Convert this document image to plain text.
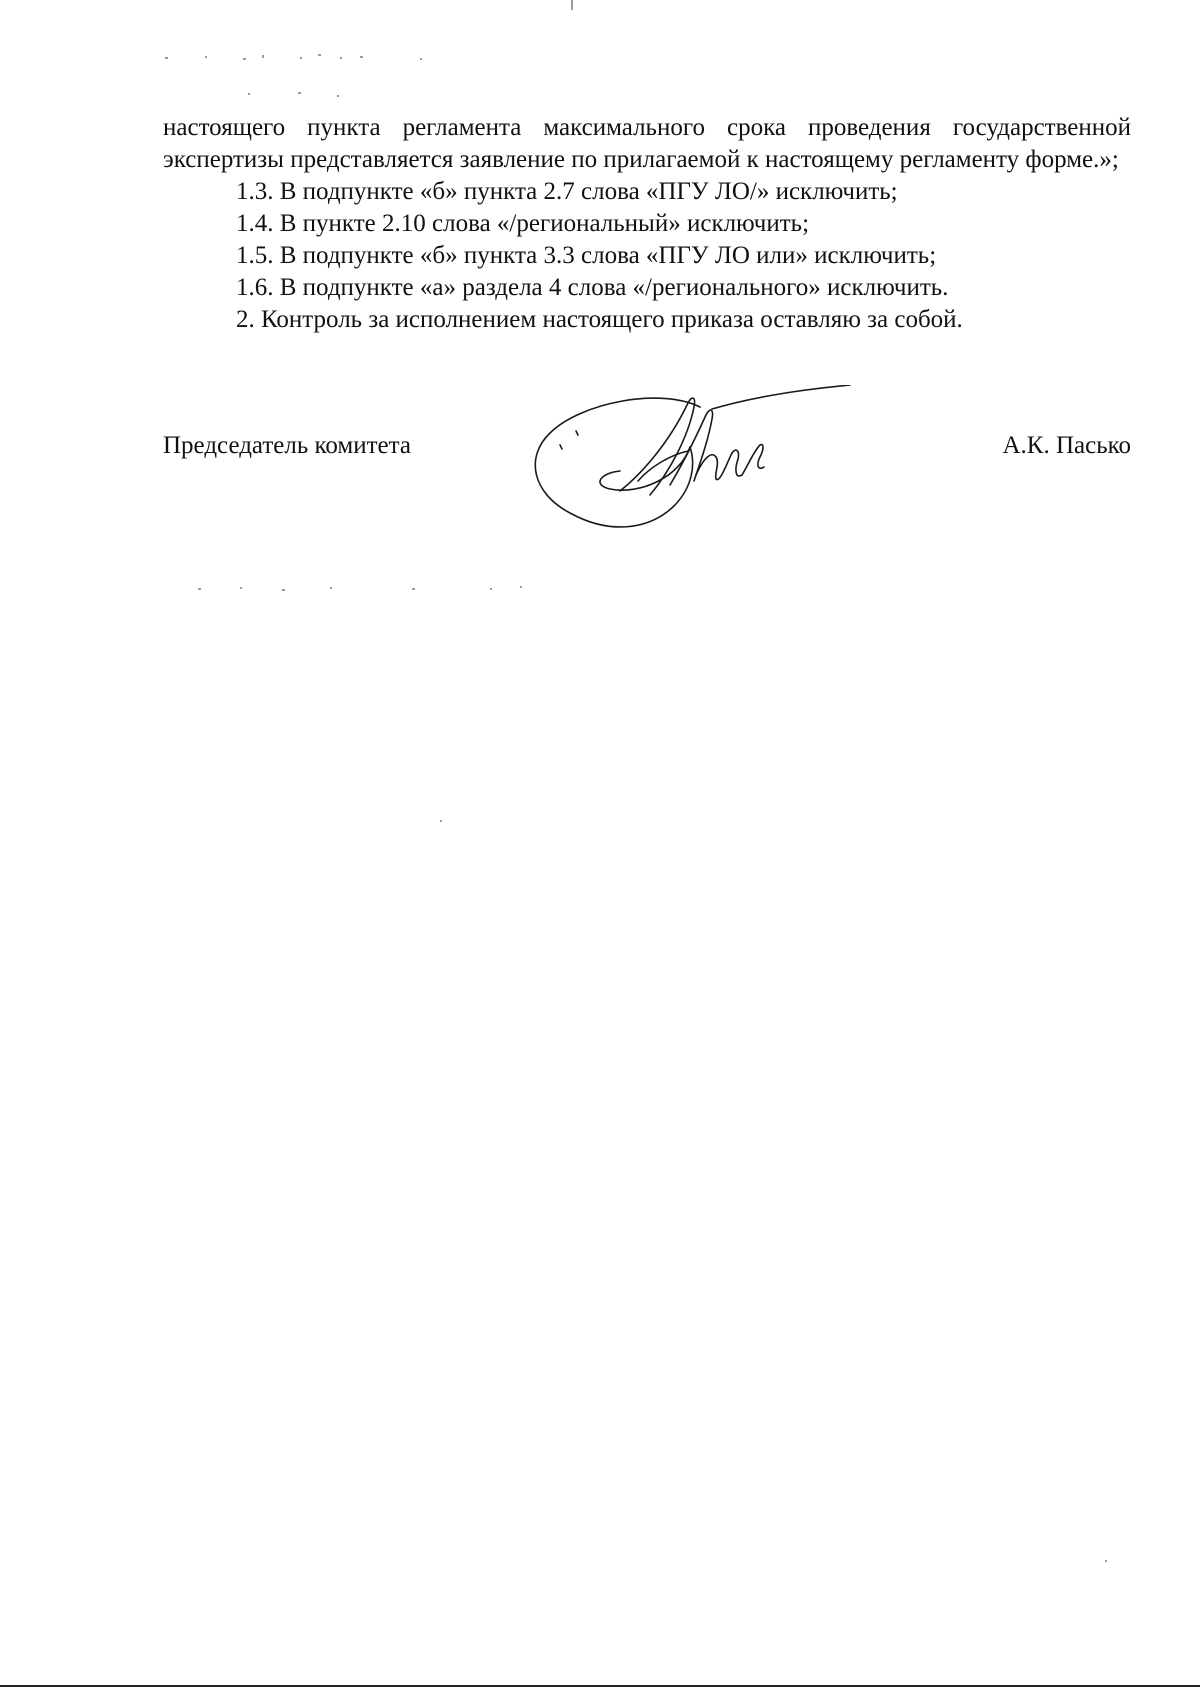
настоящего пункта регламента максимального срока проведения государственной экспертизы представляется заявление по прилагаемой к настоящему регламенту форме.»;

1.3. В подпункте «б» пункта 2.7 слова «ПГУ ЛО/» исключить;

1.4. В пункте 2.10 слова «/региональный» исключить;

1.5. В подпункте «б» пункта 3.3 слова «ПГУ ЛО или» исключить;

1.6. В подпункте «а» раздела 4 слова «/регионального» исключить.

2. Контроль за исполнением настоящего приказа оставляю за собой.

Председатель комитета	А.К. Пасько
